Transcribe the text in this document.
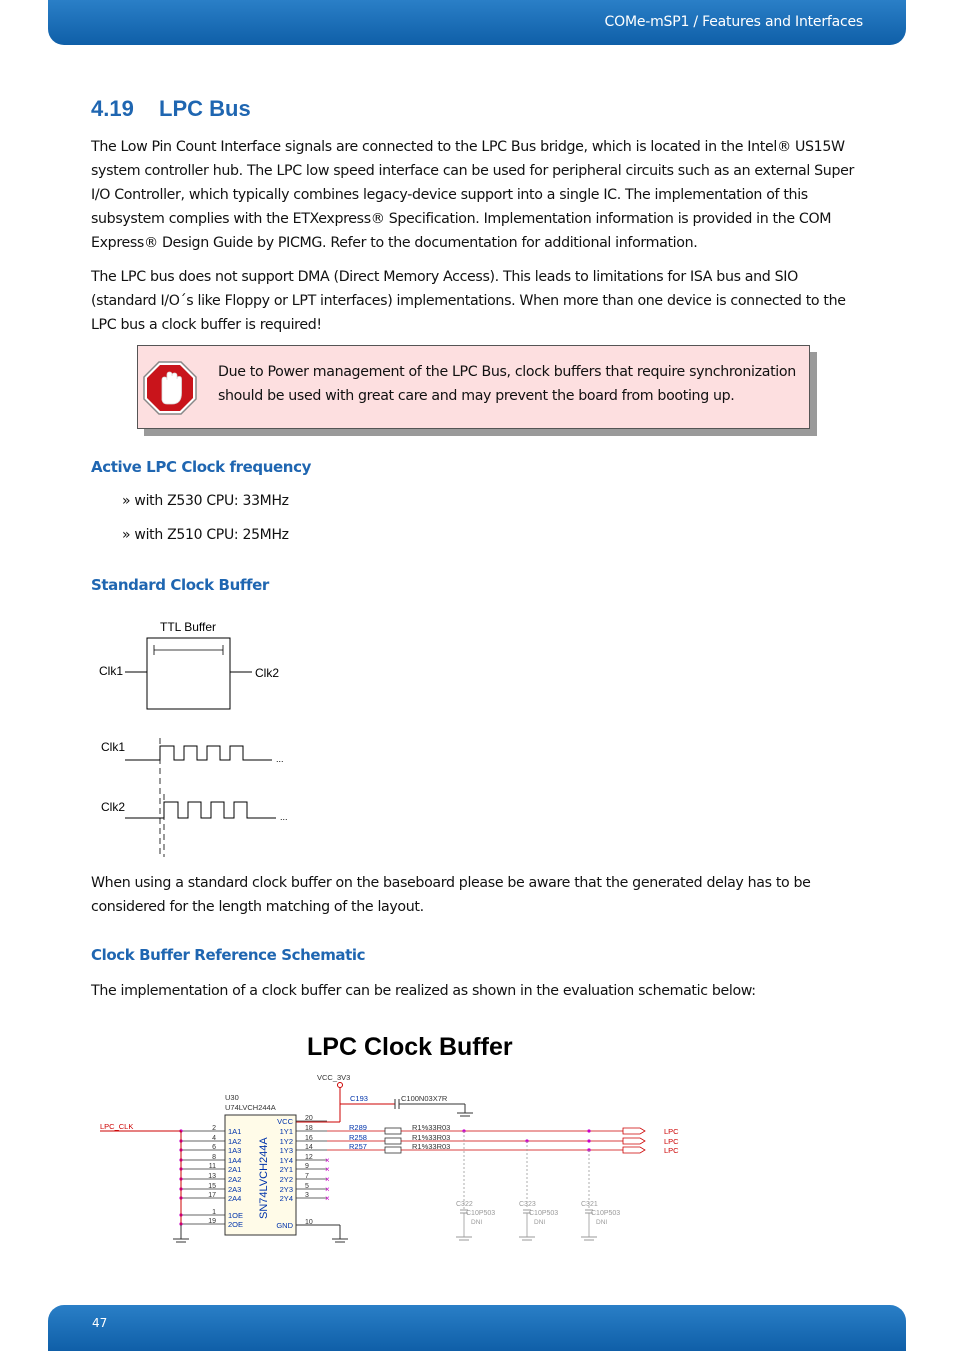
COMe-mSP1 / Features and Interfaces
4.19 LPC Bus

The Low Pin Count Interface signals are connected to the LPC Bus bridge, which is located in the Intel® US15W system controller hub. The LPC low speed interface can be used for peripheral circuits such as an external Super I/O Controller, which typically combines legacy-device support into a single IC. The implementation of this subsystem complies with the ETXexpress® Specification. Implementation information is provided in the COM Express® Design Guide by PICMG. Refer to the documentation for additional information.

The LPC bus does not support DMA (Direct Memory Access). This leads to limitations for ISA bus and SIO (standard I/O´s like Floppy or LPT interfaces) implementations. When more than one device is connected to the LPC bus a clock buffer is required!

Due to Power management of the LPC Bus, clock buffers that require synchronization should be used with great care and may prevent the board from booting up.

Active LPC Clock frequency

» with Z530 CPU: 33MHz

» with Z510 CPU: 25MHz

Standard Clock Buffer
TTL Buffer
Clk1	Clk2
Clk1
...
Clk2
...

When using a standard clock buffer on the baseboard please be aware that the generated delay has to be considered for the length matching of the layout.

Clock Buffer Reference Schematic

The implementation of a clock buffer can be realized as shown in the evaluation schematic below:

LPC Clock Buffer
VCC_3V3
C193	C100N03X7R
U30
U74LVCH244A
SN74LVCH244A
2 1A1
4 1A2
6 1A3
8 1A4
11 2A1
13 2A2
15 2A3
17 2A4
1 1OE
19 2OE
20
VCC
18
1Y1
16
1Y2
14
1Y3
12
1Y4	×
9
2Y1	×
7
2Y2	×
5
2Y3	×
3
2Y4	×
10
GND
LPC_CLK	R289	R1%33R03	LPC
R258	R1%33R03	LPC
R257	R1%33R03	LPC
C322
C10P503
DNI
C323
C10P503
DNI
C321
C10P503
DNI
47
